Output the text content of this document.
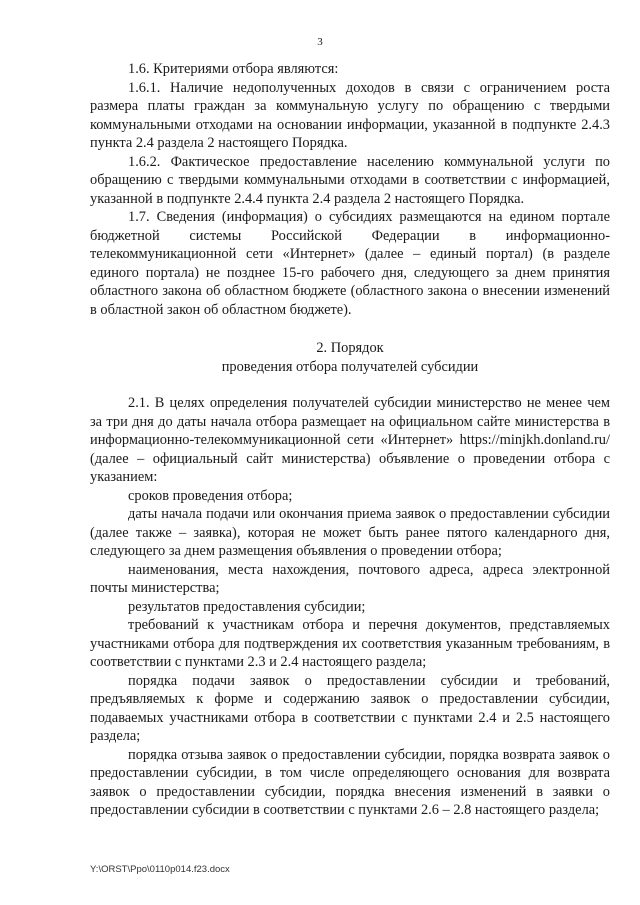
3

1.6. Критериями отбора являются:

1.6.1. Наличие недополученных доходов в связи с ограничением роста размера платы граждан за коммунальную услугу по обращению с твердыми коммунальными отходами на основании информации, указанной в подпункте 2.4.3 пункта 2.4 раздела 2 настоящего Порядка.

1.6.2. Фактическое предоставление населению коммунальной услуги по обращению с твердыми коммунальными отходами в соответствии с информацией, указанной в подпункте 2.4.4 пункта 2.4 раздела 2 настоящего Порядка.

1.7. Сведения (информация) о субсидиях размещаются на едином портале бюджетной системы Российской Федерации в информационно-телекоммуникационной сети «Интернет» (далее – единый портал) (в разделе единого портала) не позднее 15-го рабочего дня, следующего за днем принятия областного закона об областном бюджете (областного закона о внесении изменений в областной закон об областном бюджете).

2. Порядок
проведения отбора получателей субсидии

2.1. В целях определения получателей субсидии министерство не менее чем за три дня до даты начала отбора размещает на официальном сайте министерства в информационно-телекоммуникационной сети «Интернет» https://minjkh.donland.ru/ (далее – официальный сайт министерства) объявление о проведении отбора с указанием:

сроков проведения отбора;

даты начала подачи или окончания приема заявок о предоставлении субсидии (далее также – заявка), которая не может быть ранее пятого календарного дня, следующего за днем размещения объявления о проведении отбора;

наименования, места нахождения, почтового адреса, адреса электронной почты министерства;

результатов предоставления субсидии;

требований к участникам отбора и перечня документов, представляемых участниками отбора для подтверждения их соответствия указанным требованиям, в соответствии с пунктами 2.3 и 2.4 настоящего раздела;

порядка подачи заявок о предоставлении субсидии и требований, предъявляемых к форме и содержанию заявок о предоставлении субсидии, подаваемых участниками отбора в соответствии с пунктами 2.4 и 2.5 настоящего раздела;

порядка отзыва заявок о предоставлении субсидии, порядка возврата заявок о предоставлении субсидии, в том числе определяющего основания для возврата заявок о предоставлении субсидии, порядка внесения изменений в заявки о предоставлении субсидии в соответствии с пунктами 2.6 – 2.8 настоящего раздела;

Y:\ORST\Ppo\0110p014.f23.docx
